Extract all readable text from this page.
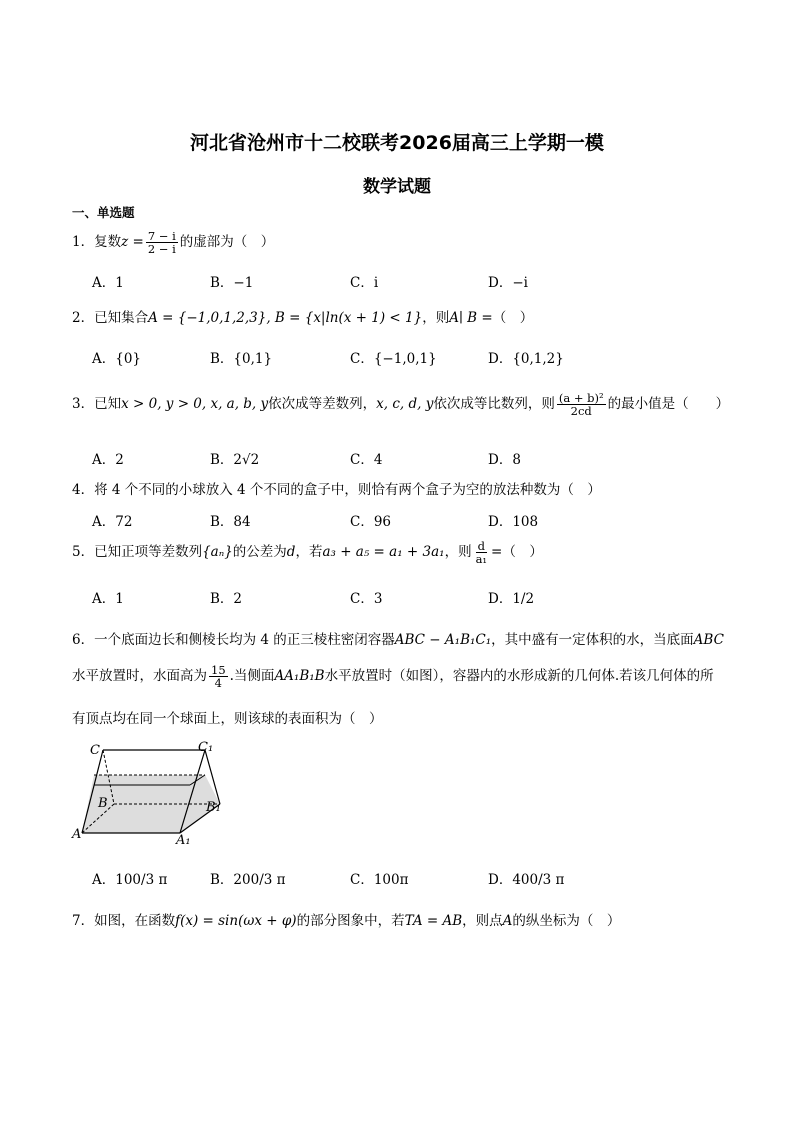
河北省沧州市十二校联考2026届高三上学期一模
数学试题
一、单选题
1．复数$z = \frac{7 - i}{2 - i}$ 的虚部为（　）
A．1	B．−1	C．i	D．−i
2．已知集合A = {−1,0,1,2,3}, B = {x|ln(x + 1) < 1}，则A∣ B =（　）
A．{0}	B．{0,1}	C．{−1,0,1}	D．{0,1,2}
3．已知x > 0, y > 0, x, a, b, y依次成等差数列，x, c, d, y依次成等比数列，则 $\frac{\text{(a + b)²}}{2cd}$ 的最小值是（　　）
A．2	B．2√2	C．4	D．8
4．将 4 个不同的小球放入 4 个不同的盒子中，则恰有两个盒子为空的放法种数为（　）
A．72	B．84	C．96	D．108
5．已知正项等差数列{aₙ}的公差为d，若a₃ + a₅ = a₁ + 3a₁，则 $\frac{d}{\text{a₁}}$ =（　）
A．1	B．2	C．3	D．1/2
6．一个底面边长和侧棱长均为 4 的正三棱柱密闭容器ABC − A₁B₁C₁，其中盛有一定体积的水，当底面ABC
水平放置时，水面高为 $\frac{15}{4}$ .当侧面AA₁B₁B水平放置时（如图），容器内的水形成新的几何体.若该几何体的所
有顶点均在同一个球面上，则该球的表面积为（　）
C	C₁
B	B₁
A	A₁
A．100/3 π	B．200/3 π	C．100π	D．400/3 π
7．如图，在函数f(x) = sin(ωx + φ)的部分图象中，若TA = AB，则点A的纵坐标为（　）
